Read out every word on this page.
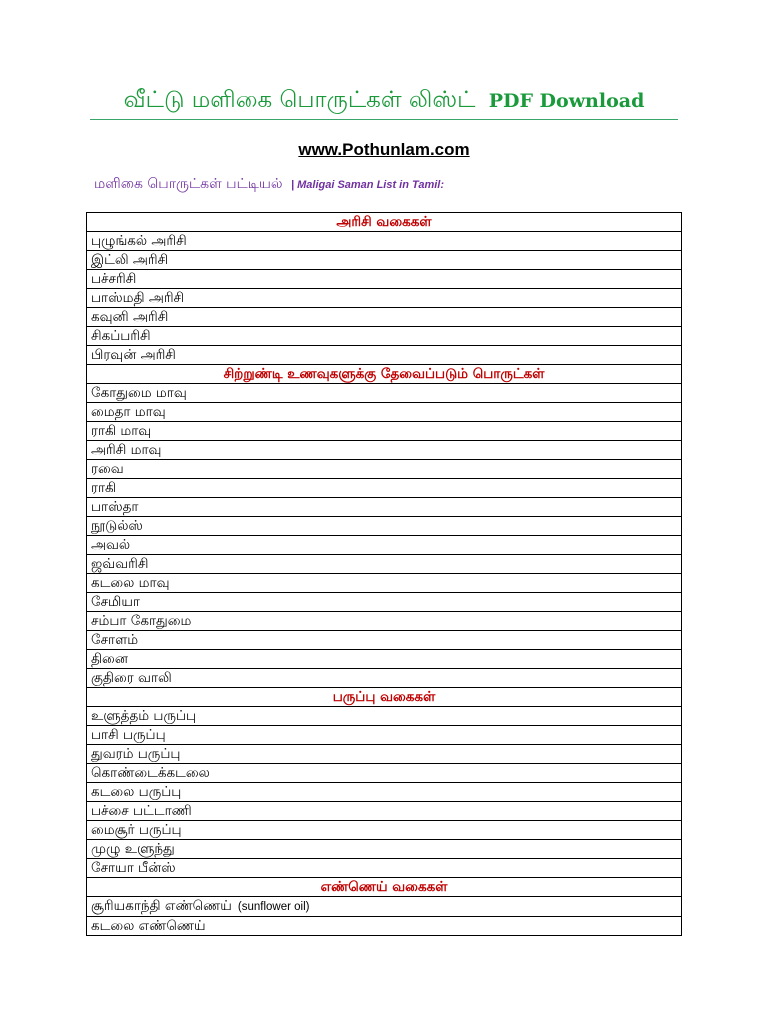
வீட்டு மளிகை பொருட்கள் லிஸ்ட் PDF Download
www.Pothunlam.com
மளிகை பொருட்கள் பட்டியல் | Maligai Saman List in Tamil:
அரிசி வகைகள்
புழுங்கல் அரிசி
இட்லி அரிசி
பச்சரிசி
பாஸ்மதி அரிசி
கவுனி அரிசி
சிகப்பரிசி
பிரவுன் அரிசி
சிற்றுண்டி உணவுகளுக்கு தேவைப்படும் பொருட்கள்
கோதுமை மாவு
மைதா மாவு
ராகி மாவு
அரிசி மாவு
ரவை
ராகி
பாஸ்தா
நூடுல்ஸ்
அவல்
ஜவ்வரிசி
கடலை மாவு
சேமியா
சம்பா கோதுமை
சோளம்
தினை
குதிரை வாலி
பருப்பு வகைகள்
உளுத்தம் பருப்பு
பாசி பருப்பு
துவரம் பருப்பு
கொண்டைக்கடலை
கடலை பருப்பு
பச்சை பட்டாணி
மைசூர் பருப்பு
முழு உளுந்து
சோயா பீன்ஸ்
எண்ணெய் வகைகள்
சூரியகாந்தி எண்ணெய் (sunflower oil)
கடலை எண்ணெய்
